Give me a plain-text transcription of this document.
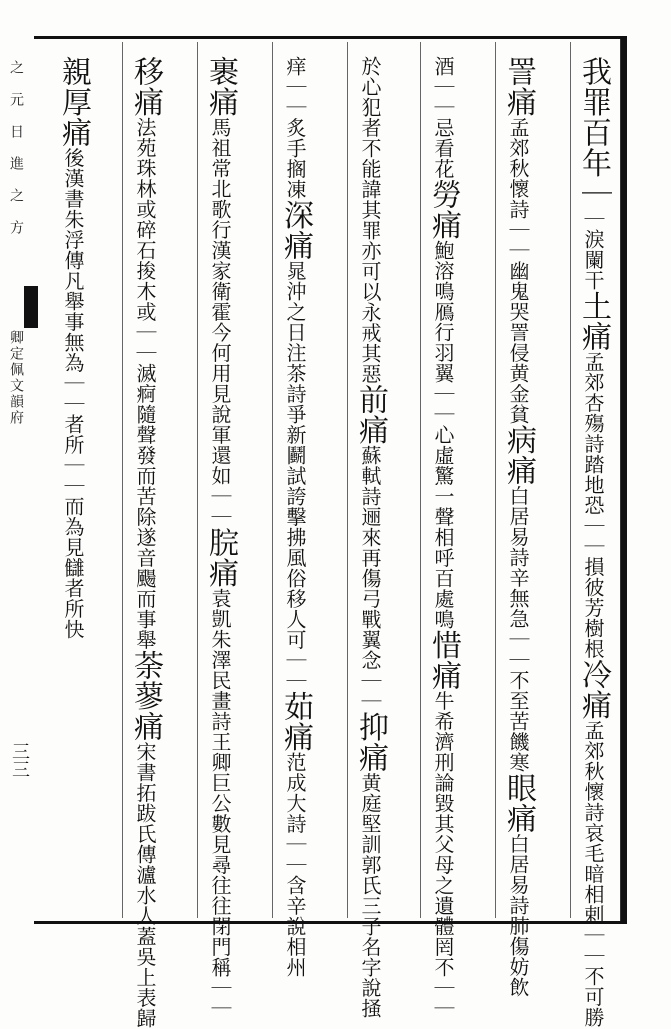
之　元　日　進　之　方
卿定佩文韻府
三三
我罪百年｜｜淚闌干土痛孟郊杏殤詩踏地恐｜｜損彼芳樹根冷痛孟郊秋懷詩哀毛暗相剌｜｜不可勝
詈痛孟郊秋懷詩｜｜幽鬼哭詈侵黄金貧病痛白居易詩辛無急｜｜不至苦饑寒眼痛白居易詩肺傷妨飲
酒｜｜忌看花勞痛鮑溶鳴鴈行羽翼｜｜心虛驚一聲相呼百處鳴惜痛牛希濟刑論毀其父母之遺體罔不｜｜
於心犯者不能諱其罪亦可以永戒其惡前痛蘇軾詩逦來再傷弓戰翼念｜｜抑痛黄庭堅訓郭氏三子名字說掻
痒｜｜炙手搁凍深痛晁沖之日注茶詩爭新鬬試誇擊拂風俗移人可｜｜茹痛范成大詩｜｜含辛說相州
裹痛馬祖常北歌行漢家衛霍今何用見說軍還如｜｜脘痛袁凱朱澤民畫詩王卿巨公數見尋往往閉門稱｜｜
移痛法苑珠林或碎石捘木或｜｜滅痾隨聲發而苦除遂音颺而事舉荼蓼痛宋書拓跋氏傳瀘水人蓋吳上表歸
親厚痛後漢書朱浮傳凡舉事無為｜｜者所｜｜而為見讎者所快
